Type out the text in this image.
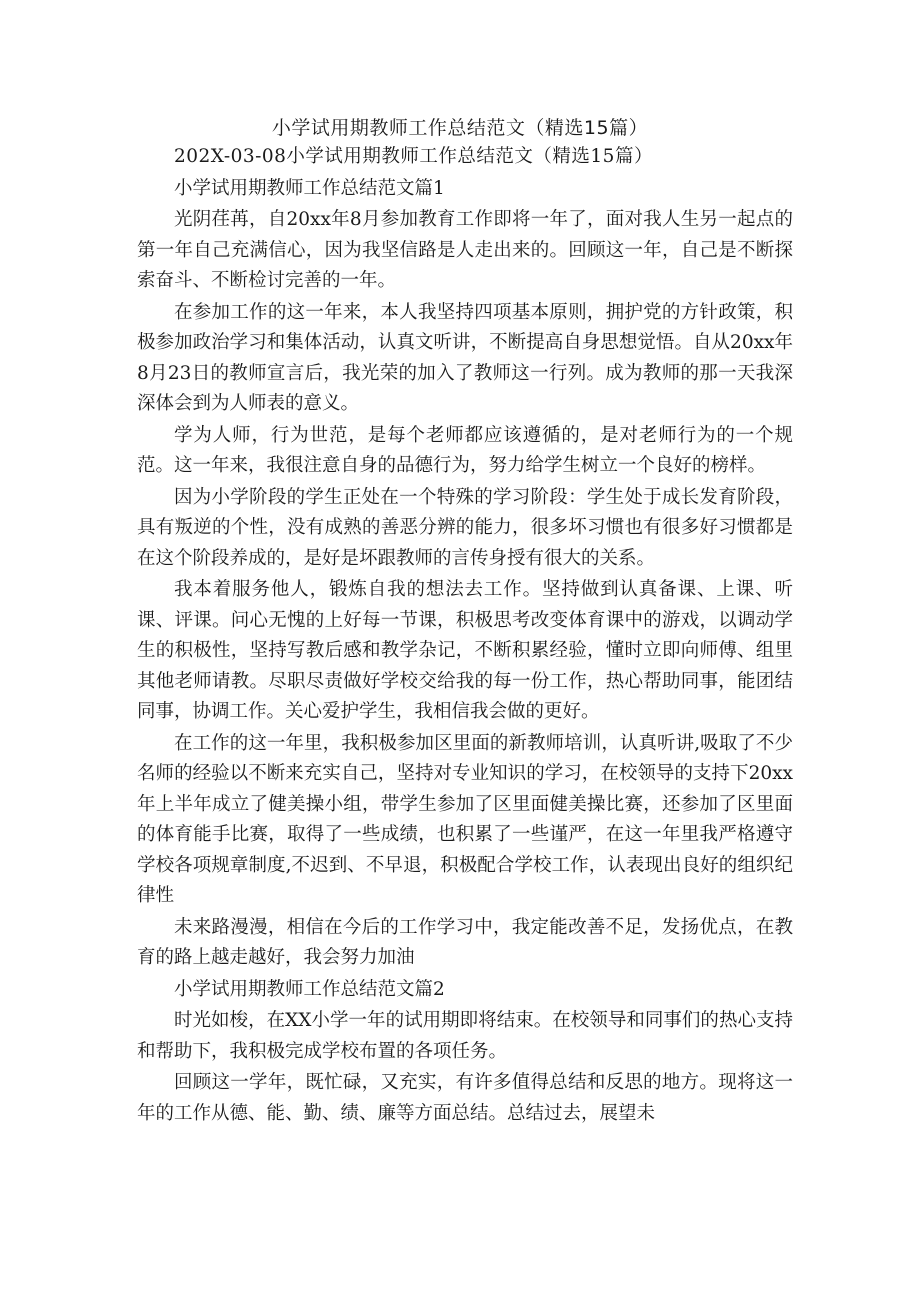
小学试用期教师工作总结范文（精选15篇）

202X-03-08小学试用期教师工作总结范文（精选15篇）

小学试用期教师工作总结范文篇1

光阴荏苒，自20xx年8月参加教育工作即将一年了，面对我人生另一起点的第一年自己充满信心，因为我坚信路是人走出来的。回顾这一年，自己是不断探索奋斗、不断检讨完善的一年。

在参加工作的这一年来，本人我坚持四项基本原则，拥护党的方针政策，积极参加政治学习和集体活动，认真文听讲，不断提高自身思想觉悟。自从20xx年8月23日的教师宣言后，我光荣的加入了教师这一行列。成为教师的那一天我深深体会到为人师表的意义。

学为人师，行为世范，是每个老师都应该遵循的，是对老师行为的一个规范。这一年来，我很注意自身的品德行为，努力给学生树立一个良好的榜样。

因为小学阶段的学生正处在一个特殊的学习阶段：学生处于成长发育阶段，具有叛逆的个性，没有成熟的善恶分辨的能力，很多坏习惯也有很多好习惯都是在这个阶段养成的，是好是坏跟教师的言传身授有很大的关系。

我本着服务他人，锻炼自我的想法去工作。坚持做到认真备课、上课、听课、评课。问心无愧的上好每一节课，积极思考改变体育课中的游戏，以调动学生的积极性，坚持写教后感和教学杂记，不断积累经验，懂时立即向师傅、组里其他老师请教。尽职尽责做好学校交给我的每一份工作，热心帮助同事，能团结同事，协调工作。关心爱护学生，我相信我会做的更好。

在工作的这一年里，我积极参加区里面的新教师培训，认真听讲,吸取了不少名师的经验以不断来充实自己，坚持对专业知识的学习，在校领导的支持下20xx年上半年成立了健美操小组，带学生参加了区里面健美操比赛，还参加了区里面的体育能手比赛，取得了一些成绩，也积累了一些谨严，在这一年里我严格遵守学校各项规章制度,不迟到、不早退，积极配合学校工作，认表现出良好的组织纪律性

未来路漫漫，相信在今后的工作学习中，我定能改善不足，发扬优点，在教育的路上越走越好，我会努力加油

小学试用期教师工作总结范文篇2

时光如梭，在XX小学一年的试用期即将结束。在校领导和同事们的热心支持和帮助下，我积极完成学校布置的各项任务。

回顾这一学年，既忙碌，又充实，有许多值得总结和反思的地方。现将这一年的工作从德、能、勤、绩、廉等方面总结。总结过去，展望未
